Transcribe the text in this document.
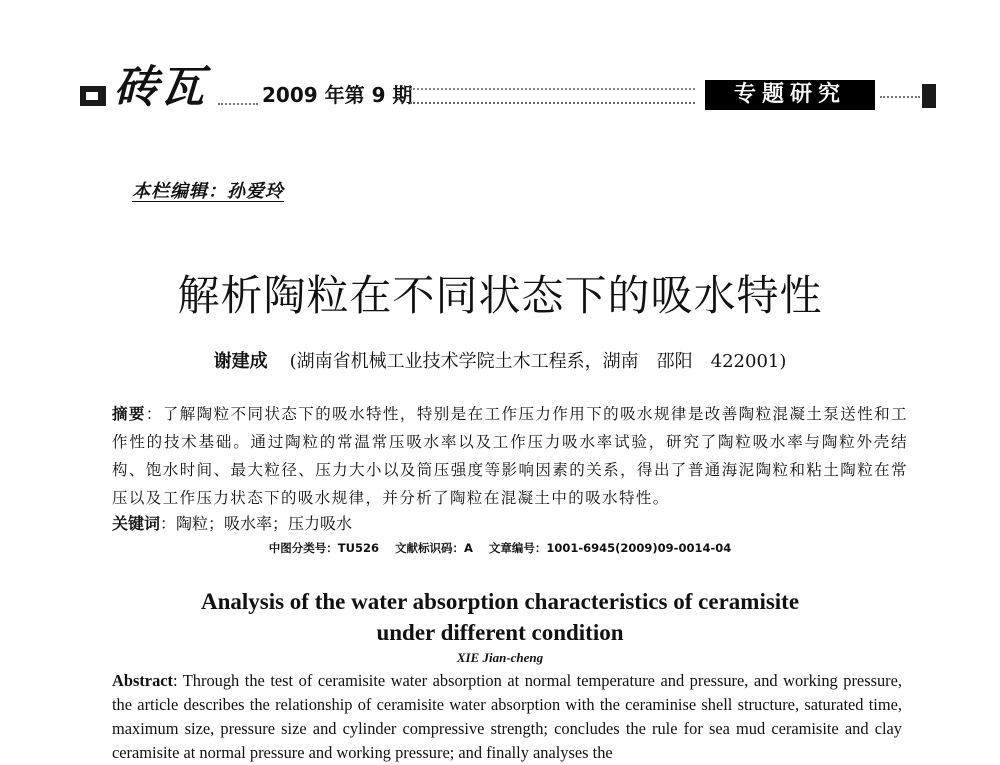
砖瓦	2009 年第 9 期	专题研究
本栏编辑：孙爱玲
解析陶粒在不同状态下的吸水特性
谢建成 (湖南省机械工业技术学院土木工程系，湖南　邵阳　422001)
摘要：了解陶粒不同状态下的吸水特性，特别是在工作压力作用下的吸水规律是改善陶粒混凝土泵送性和工作性的技术基础。通过陶粒的常温常压吸水率以及工作压力吸水率试验，研究了陶粒吸水率与陶粒外壳结构、饱水时间、最大粒径、压力大小以及筒压强度等影响因素的关系，得出了普通海泥陶粒和粘土陶粒在常压以及工作压力状态下的吸水规律，并分析了陶粒在混凝土中的吸水特性。
关键词：陶粒；吸水率；压力吸水
中图分类号：TU526 文献标识码：A 文章编号：1001-6945(2009)09-0014-04
Analysis of the water absorption characteristics of ceramisite
under different condition
XIE Jian-cheng
Abstract: Through the test of ceramisite water absorption at normal temperature and pressure, and working pressure, the article describes the relationship of ceramisite water absorption with the ceraminise shell structure, saturated time, maximum size, pressure size and cylinder compressive strength; concludes the rule for sea mud ceramisite and clay ceramisite at normal pressure and working pressure; and finally analyses the
